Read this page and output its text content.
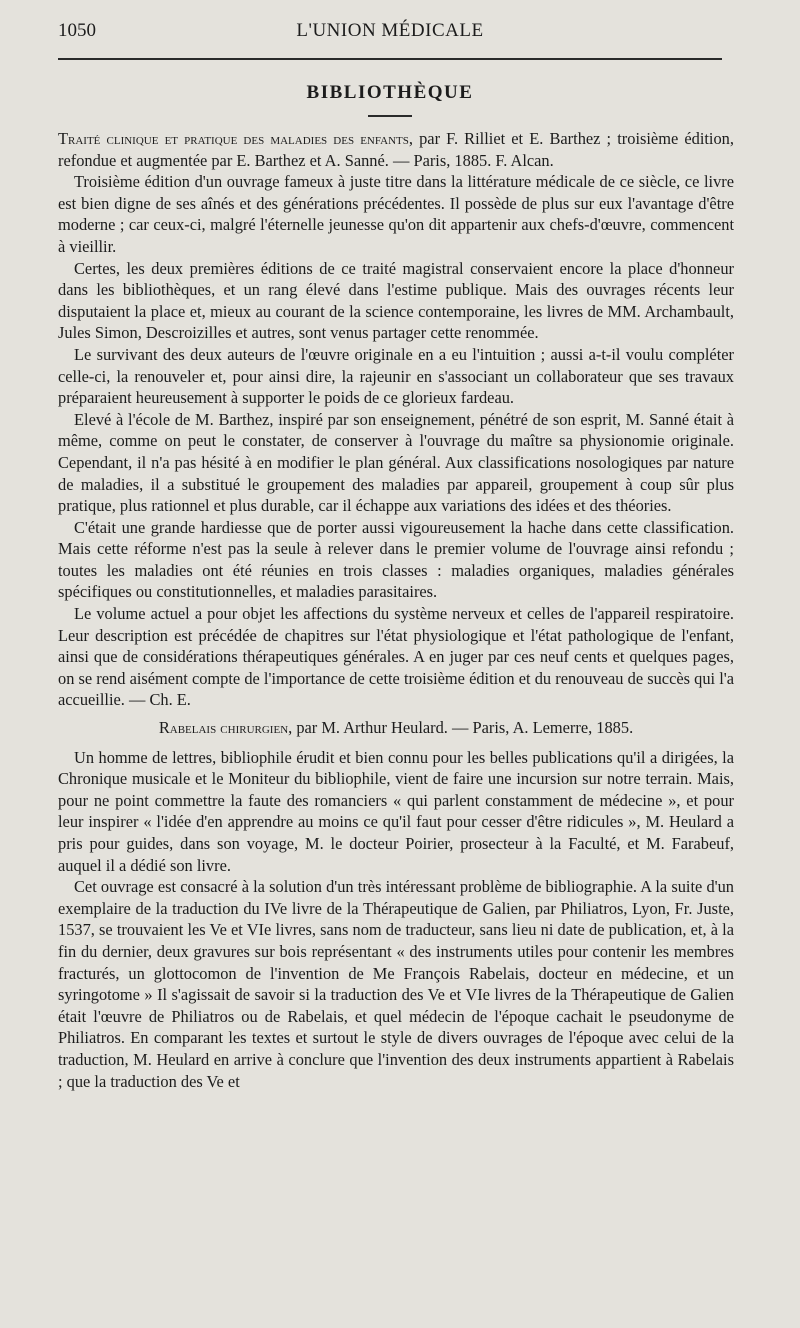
1050	L'UNION MÉDICALE
BIBLIOTHÈQUE

Traité clinique et pratique des maladies des enfants, par F. Rilliet et E. Barthez ; troisième édition, refondue et augmentée par E. Barthez et A. Sanné. — Paris, 1885. F. Alcan.

Troisième édition d'un ouvrage fameux à juste titre dans la littérature médicale de ce siècle, ce livre est bien digne de ses aînés et des générations précédentes. Il possède de plus sur eux l'avantage d'être moderne ; car ceux-ci, malgré l'éternelle jeunesse qu'on dit appartenir aux chefs-d'œuvre, commencent à vieillir.

Certes, les deux premières éditions de ce traité magistral conservaient encore la place d'honneur dans les bibliothèques, et un rang élevé dans l'estime publique. Mais des ouvrages récents leur disputaient la place et, mieux au courant de la science contemporaine, les livres de MM. Archambault, Jules Simon, Descroizilles et autres, sont venus partager cette renommée.

Le survivant des deux auteurs de l'œuvre originale en a eu l'intuition ; aussi a-t-il voulu compléter celle-ci, la renouveler et, pour ainsi dire, la rajeunir en s'associant un collaborateur que ses travaux préparaient heureusement à supporter le poids de ce glorieux fardeau.

Elevé à l'école de M. Barthez, inspiré par son enseignement, pénétré de son esprit, M. Sanné était à même, comme on peut le constater, de conserver à l'ouvrage du maître sa physionomie originale. Cependant, il n'a pas hésité à en modifier le plan général. Aux classifications nosologiques par nature de maladies, il a substitué le groupement des maladies par appareil, groupement à coup sûr plus pratique, plus rationnel et plus durable, car il échappe aux variations des idées et des théories.

C'était une grande hardiesse que de porter aussi vigoureusement la hache dans cette classification. Mais cette réforme n'est pas la seule à relever dans le premier volume de l'ouvrage ainsi refondu ; toutes les maladies ont été réunies en trois classes : maladies organiques, maladies générales spécifiques ou constitutionnelles, et maladies parasitaires.

Le volume actuel a pour objet les affections du système nerveux et celles de l'appareil respiratoire. Leur description est précédée de chapitres sur l'état physiologique et l'état pathologique de l'enfant, ainsi que de considérations thérapeutiques générales. A en juger par ces neuf cents et quelques pages, on se rend aisément compte de l'importance de cette troisième édition et du renouveau de succès qui l'a accueillie. — Ch. E.

Rabelais chirurgien, par M. Arthur Heulard. — Paris, A. Lemerre, 1885.

Un homme de lettres, bibliophile érudit et bien connu pour les belles publications qu'il a dirigées, la Chronique musicale et le Moniteur du bibliophile, vient de faire une incursion sur notre terrain. Mais, pour ne point commettre la faute des romanciers « qui parlent constamment de médecine », et pour leur inspirer « l'idée d'en apprendre au moins ce qu'il faut pour cesser d'être ridicules », M. Heulard a pris pour guides, dans son voyage, M. le docteur Poirier, prosecteur à la Faculté, et M. Farabeuf, auquel il a dédié son livre.

Cet ouvrage est consacré à la solution d'un très intéressant problème de bibliographie. A la suite d'un exemplaire de la traduction du IVe livre de la Thérapeutique de Galien, par Philiatros, Lyon, Fr. Juste, 1537, se trouvaient les Ve et VIe livres, sans nom de traducteur, sans lieu ni date de publication, et, à la fin du dernier, deux gravures sur bois représentant « des instruments utiles pour contenir les membres fracturés, un glottocomon de l'invention de Me François Rabelais, docteur en médecine, et un syringotome » Il s'agissait de savoir si la traduction des Ve et VIe livres de la Thérapeutique de Galien était l'œuvre de Philiatros ou de Rabelais, et quel médecin de l'époque cachait le pseudonyme de Philiatros. En comparant les textes et surtout le style de divers ouvrages de l'époque avec celui de la traduction, M. Heulard en arrive à conclure que l'invention des deux instruments appartient à Rabelais ; que la traduction des Ve et
